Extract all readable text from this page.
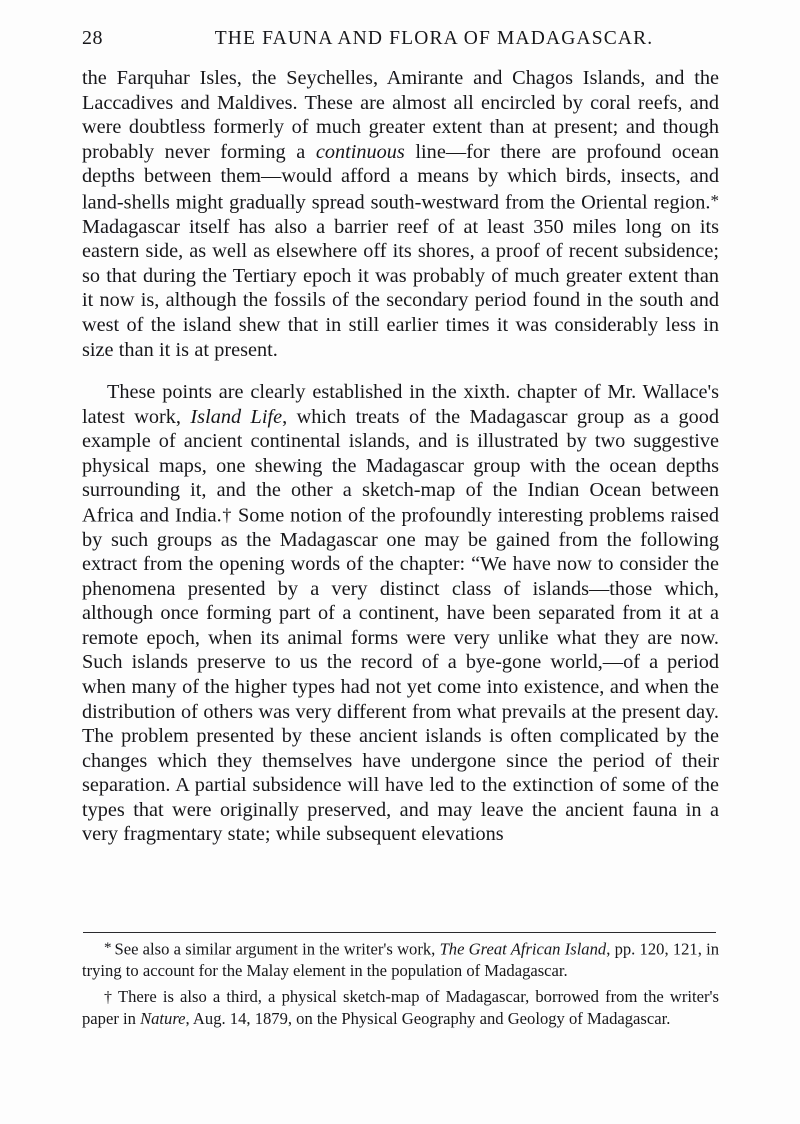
28	THE FAUNA AND FLORA OF MADAGASCAR.

the Farquhar Isles, the Seychelles, Amirante and Chagos Islands, and the Laccadives and Maldives. These are almost all encircled by coral reefs, and were doubtless formerly of much greater extent than at present; and though probably never forming a continuous line—for there are profound ocean depths between them—would afford a means by which birds, insects, and land-shells might gradually spread south-westward from the Oriental region.* Madagascar itself has also a barrier reef of at least 350 miles long on its eastern side, as well as elsewhere off its shores, a proof of recent subsidence; so that during the Tertiary epoch it was probably of much greater extent than it now is, although the fossils of the secondary period found in the south and west of the island shew that in still earlier times it was considerably less in size than it is at present.

These points are clearly established in the xixth. chapter of Mr. Wallace's latest work, Island Life, which treats of the Madagascar group as a good example of ancient continental islands, and is illustrated by two suggestive physical maps, one shewing the Madagascar group with the ocean depths surrounding it, and the other a sketch-map of the Indian Ocean between Africa and India.† Some notion of the profoundly interesting problems raised by such groups as the Madagascar one may be gained from the following extract from the opening words of the chapter: “We have now to consider the phenomena presented by a very distinct class of islands—those which, although once forming part of a continent, have been separated from it at a remote epoch, when its animal forms were very unlike what they are now. Such islands preserve to us the record of a bye-gone world,—of a period when many of the higher types had not yet come into existence, and when the distribution of others was very different from what prevails at the present day. The problem presented by these ancient islands is often complicated by the changes which they themselves have undergone since the period of their separation. A partial subsidence will have led to the extinction of some of the types that were originally preserved, and may leave the ancient fauna in a very fragmentary state; while subsequent elevations

* See also a similar argument in the writer's work, The Great African Island, pp. 120, 121, in trying to account for the Malay element in the population of Madagascar.

† There is also a third, a physical sketch-map of Madagascar, borrowed from the writer's paper in Nature, Aug. 14, 1879, on the Physical Geography and Geology of Madagascar.
